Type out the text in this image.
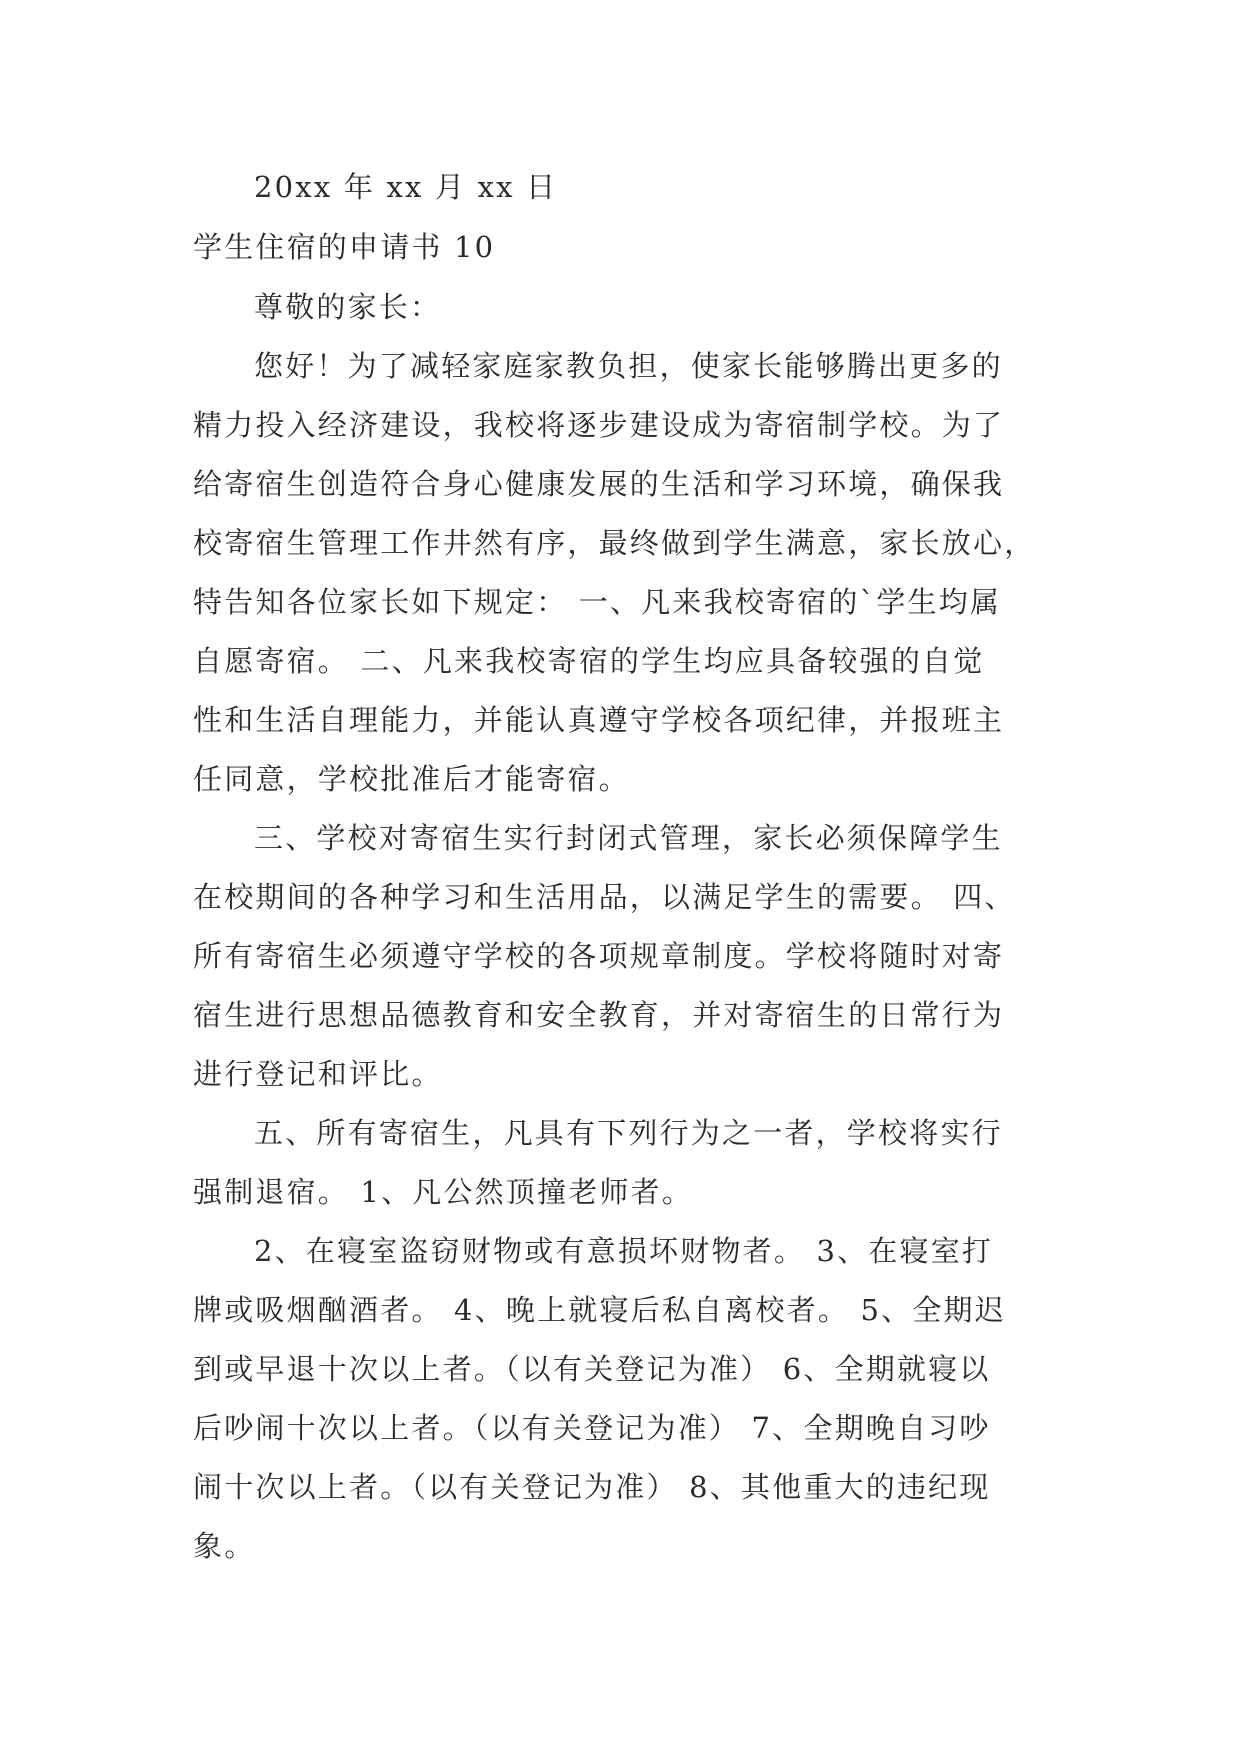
20xx 年 xx 月 xx 日
学生住宿的申请书 10
尊敬的家长：
您好！为了减轻家庭家教负担，使家长能够腾出更多的
精力投入经济建设，我校将逐步建设成为寄宿制学校。为了
给寄宿生创造符合身心健康发展的生活和学习环境，确保我
校寄宿生管理工作井然有序，最终做到学生满意，家长放心，
特告知各位家长如下规定： 一、凡来我校寄宿的`学生均属
自愿寄宿。 二、凡来我校寄宿的学生均应具备较强的自觉
性和生活自理能力，并能认真遵守学校各项纪律，并报班主
任同意，学校批准后才能寄宿。
三、学校对寄宿生实行封闭式管理，家长必须保障学生
在校期间的各种学习和生活用品，以满足学生的需要。 四、
所有寄宿生必须遵守学校的各项规章制度。学校将随时对寄
宿生进行思想品德教育和安全教育，并对寄宿生的日常行为
进行登记和评比。
五、所有寄宿生，凡具有下列行为之一者，学校将实行
强制退宿。 1、凡公然顶撞老师者。
2、在寝室盗窃财物或有意损坏财物者。 3、在寝室打
牌或吸烟酗酒者。 4、晚上就寝后私自离校者。 5、全期迟
到或早退十次以上者。（以有关登记为准） 6、全期就寝以
后吵闹十次以上者。（以有关登记为准） 7、全期晚自习吵
闹十次以上者。（以有关登记为准） 8、其他重大的违纪现
象。
